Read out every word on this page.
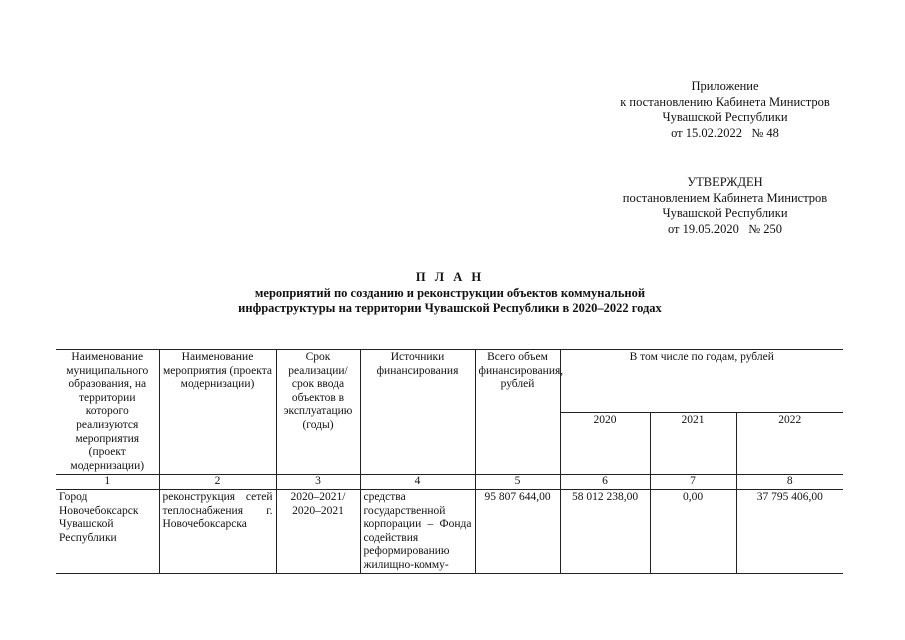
Приложение
к постановлению Кабинета Министров
Чувашской Республики
от 15.02.2022   № 48
УТВЕРЖДЕН
постановлением Кабинета Министров
Чувашской Республики
от 19.05.2020   № 250
П Л А Н
мероприятий по созданию и реконструкции объектов коммунальной
инфраструктуры на территории Чувашской Республики в 2020–2022 годах
Наименование муниципального образования, на территории которого реализуются мероприятия (проект модернизации)	Наименование мероприятия (проекта модернизации)	Срок реализации/срок ввода объектов в эксплуатацию (годы)	Источники финансирования	Всего объем финансирования, рублей	В том числе по годам, рублей		
					2020	2021	2022
1	2	3	4	5	6	7	8
Город Новочебоксарск Чувашской Республики	реконструкция сетей теплоснабжения г. Новочебоксарска	2020–2021/ 2020–2021	средства государственной корпорации – Фонда содействия реформированию жилищно-комму-	95 807 644,00	58 012 238,00	0,00	37 795 406,00
